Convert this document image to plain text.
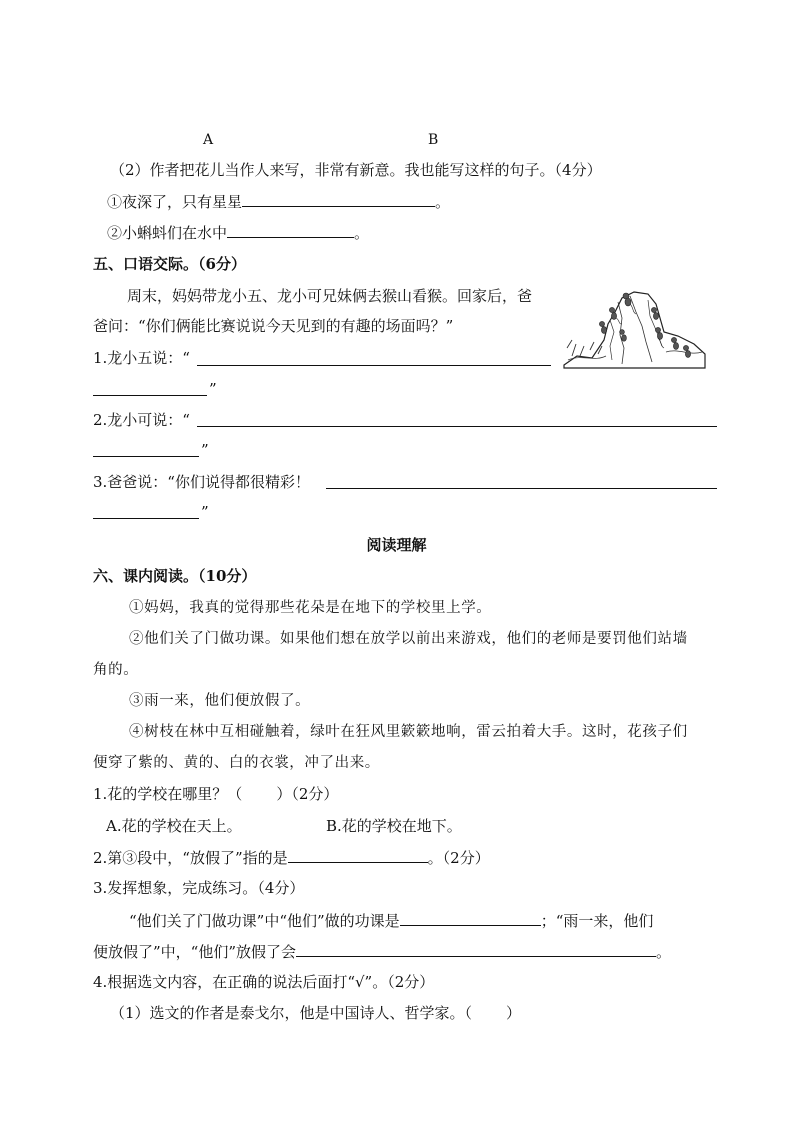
A	B
（2）作者把花儿当作人来写，非常有新意。我也能写这样的句子。（4分）
①夜深了，只有星星	。
②小蝌蚪们在水中	。
五、口语交际。（6分）
周末，妈妈带龙小五、龙小可兄妹俩去猴山看猴。回家后，爸
爸问：“你们俩能比赛说说今天见到的有趣的场面吗？”
1.龙小五说：“
”
2.龙小可说：“
”
3.爸爸说：“你们说得都很精彩！
”
阅读理解
六、课内阅读。（10分）
①妈妈，我真的觉得那些花朵是在地下的学校里上学。
②他们关了门做功课。如果他们想在放学以前出来游戏，他们的老师是要罚他们站墙
角的。
③雨一来，他们便放假了。
④树枝在林中互相碰触着，绿叶在狂风里簌簌地响，雷云拍着大手。这时，花孩子们
便穿了紫的、黄的、白的衣裳，冲了出来。
1.花的学校在哪里？（ ）（2分）
A.花的学校在天上。	B.花的学校在地下。
2.第③段中，“放假了”指的是	。（2分）
3.发挥想象，完成练习。（4分）
“他们关了门做功课”中“他们”做的功课是	；“雨一来，他们
便放假了”中，“他们”放假了会	。
4.根据选文内容，在正确的说法后面打“√”。（2分）
（1）选文的作者是泰戈尔，他是中国诗人、哲学家。（ ）
